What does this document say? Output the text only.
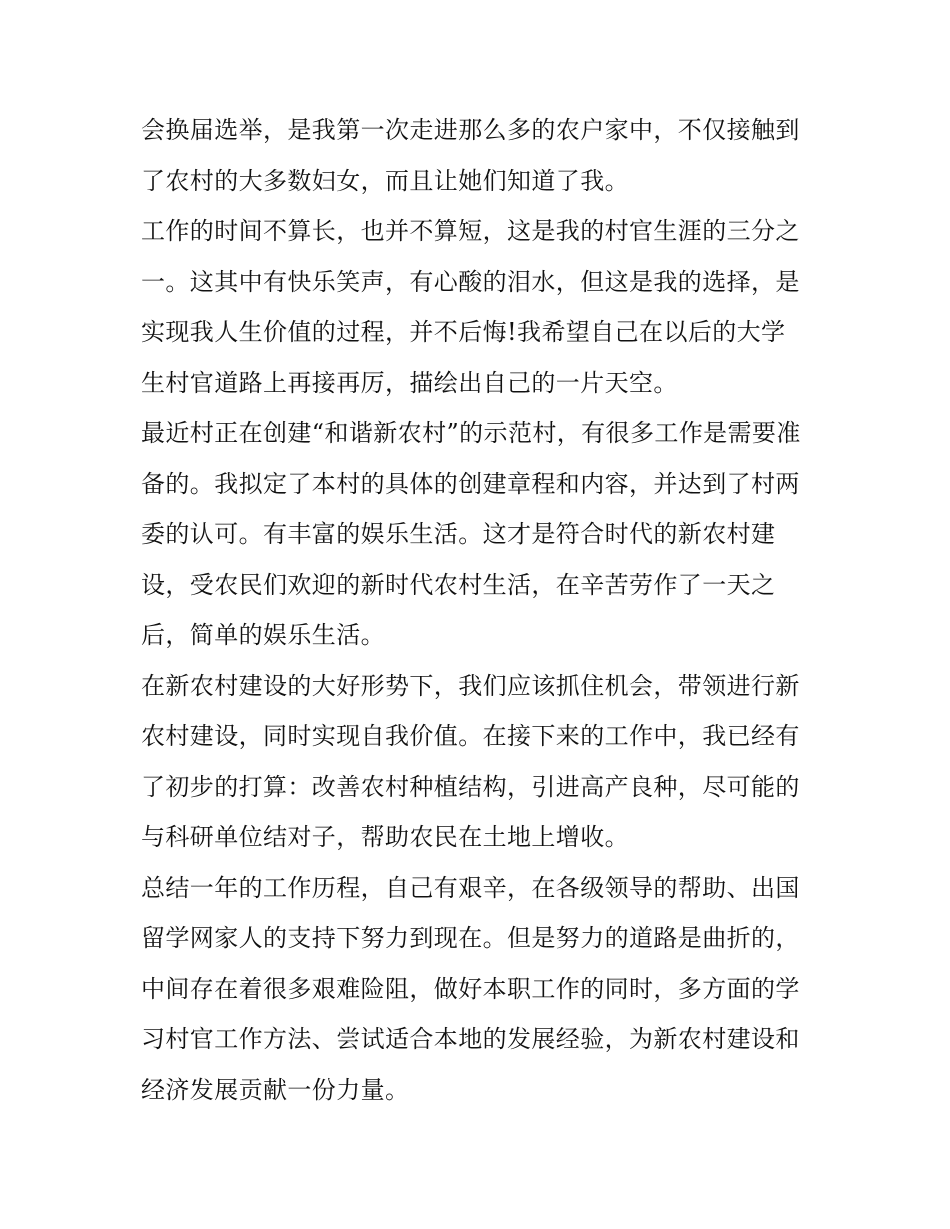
会换届选举，是我第一次走进那么多的农户家中，不仅接触到
了农村的大多数妇女，而且让她们知道了我。
工作的时间不算长，也并不算短，这是我的村官生涯的三分之
一。这其中有快乐笑声，有心酸的泪水，但这是我的选择，是
实现我人生价值的过程，并不后悔!我希望自己在以后的大学
生村官道路上再接再厉，描绘出自己的一片天空。
最近村正在创建“和谐新农村”的示范村，有很多工作是需要准
备的。我拟定了本村的具体的创建章程和内容，并达到了村两
委的认可。有丰富的娱乐生活。这才是符合时代的新农村建
设，受农民们欢迎的新时代农村生活，在辛苦劳作了一天之
后，简单的娱乐生活。
在新农村建设的大好形势下，我们应该抓住机会，带领进行新
农村建设，同时实现自我价值。在接下来的工作中，我已经有
了初步的打算：改善农村种植结构，引进高产良种，尽可能的
与科研单位结对子，帮助农民在土地上增收。
总结一年的工作历程，自己有艰辛，在各级领导的帮助、出国
留学网家人的支持下努力到现在。但是努力的道路是曲折的，
中间存在着很多艰难险阻，做好本职工作的同时，多方面的学
习村官工作方法、尝试适合本地的发展经验，为新农村建设和
经济发展贡献一份力量。
